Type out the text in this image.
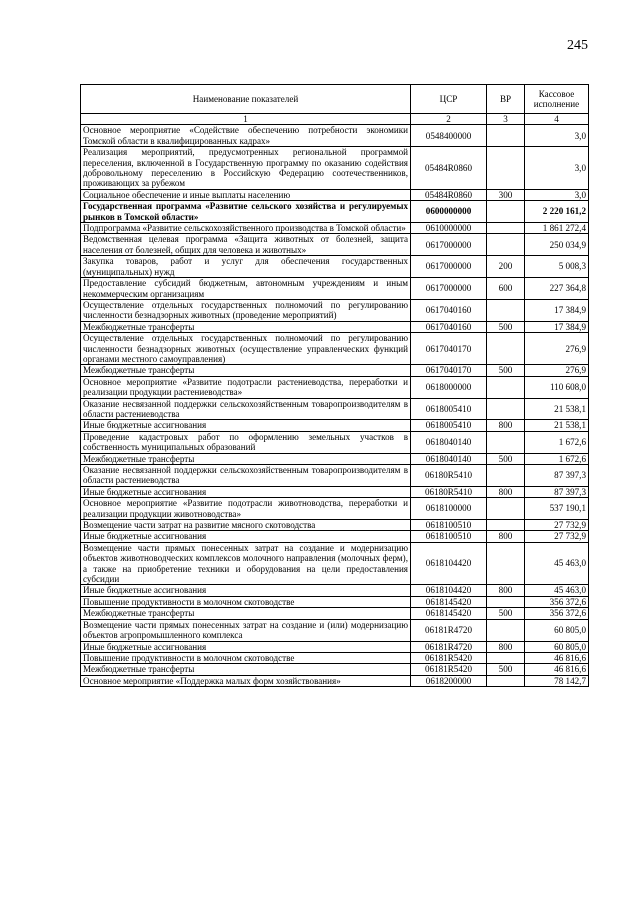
245
Наименование показателей	ЦСР	ВР	Кассовое исполнение
1	2	3	4
Основное мероприятие «Содействие обеспечению потребности экономики Томской области в квалифицированных кадрах»	0548400000		3,0
Реализация мероприятий, предусмотренных региональной программой переселения, включенной в Государственную программу по оказанию содействия добровольному переселению в Российскую Федерацию соотечественников, проживающих за рубежом	05484R0860		3,0
Социальное обеспечение и иные выплаты населению	05484R0860	300	3,0
Государственная программа «Развитие сельского хозяйства и регулируемых рынков в Томской области»	0600000000		2 220 161,2
Подпрограмма «Развитие сельскохозяйственного производства в Томской области»	0610000000		1 861 272,4
Ведомственная целевая программа «Защита животных от болезней, защита населения от болезней, общих для человека и животных»	0617000000		250 034,9
Закупка товаров, работ и услуг для обеспечения государственных (муниципальных) нужд	0617000000	200	5 008,3
Предоставление субсидий бюджетным, автономным учреждениям и иным некоммерческим организациям	0617000000	600	227 364,8
Осуществление отдельных государственных полномочий по регулированию численности безнадзорных животных (проведение мероприятий)	0617040160		17 384,9
Межбюджетные трансферты	0617040160	500	17 384,9
Осуществление отдельных государственных полномочий по регулированию численности безнадзорных животных (осуществление управленческих функций органами местного самоуправления)	0617040170		276,9
Межбюджетные трансферты	0617040170	500	276,9
Основное мероприятие «Развитие подотрасли растениеводства, переработки и реализации продукции растениеводства»	0618000000		110 608,0
Оказание несвязанной поддержки сельскохозяйственным товаропроизводителям в области растениеводства	0618005410		21 538,1
Иные бюджетные ассигнования	0618005410	800	21 538,1
Проведение кадастровых работ по оформлению земельных участков в собственность муниципальных образований	0618040140		1 672,6
Межбюджетные трансферты	0618040140	500	1 672,6
Оказание несвязанной поддержки сельскохозяйственным товаропроизводителям в области растениеводства	06180R5410		87 397,3
Иные бюджетные ассигнования	06180R5410	800	87 397,3
Основное мероприятие «Развитие подотрасли животноводства, переработки и реализации продукции животноводства»	0618100000		537 190,1
Возмещение части затрат на развитие мясного скотоводства	0618100510		27 732,9
Иные бюджетные ассигнования	0618100510	800	27 732,9
Возмещение части прямых понесенных затрат на создание и модернизацию объектов животноводческих комплексов молочного направления (молочных ферм), а также на приобретение техники и оборудования на цели предоставления субсидии	0618104420		45 463,0
Иные бюджетные ассигнования	0618104420	800	45 463,0
Повышение продуктивности в молочном скотоводстве	0618145420		356 372,6
Межбюджетные трансферты	0618145420	500	356 372,6
Возмещение части прямых понесенных затрат на создание и (или) модернизацию объектов агропромышленного комплекса	06181R4720		60 805,0
Иные бюджетные ассигнования	06181R4720	800	60 805,0
Повышение продуктивности в молочном скотоводстве	06181R5420		46 816,6
Межбюджетные трансферты	06181R5420	500	46 816,6
Основное мероприятие «Поддержка малых форм хозяйствования»	0618200000		78 142,7
